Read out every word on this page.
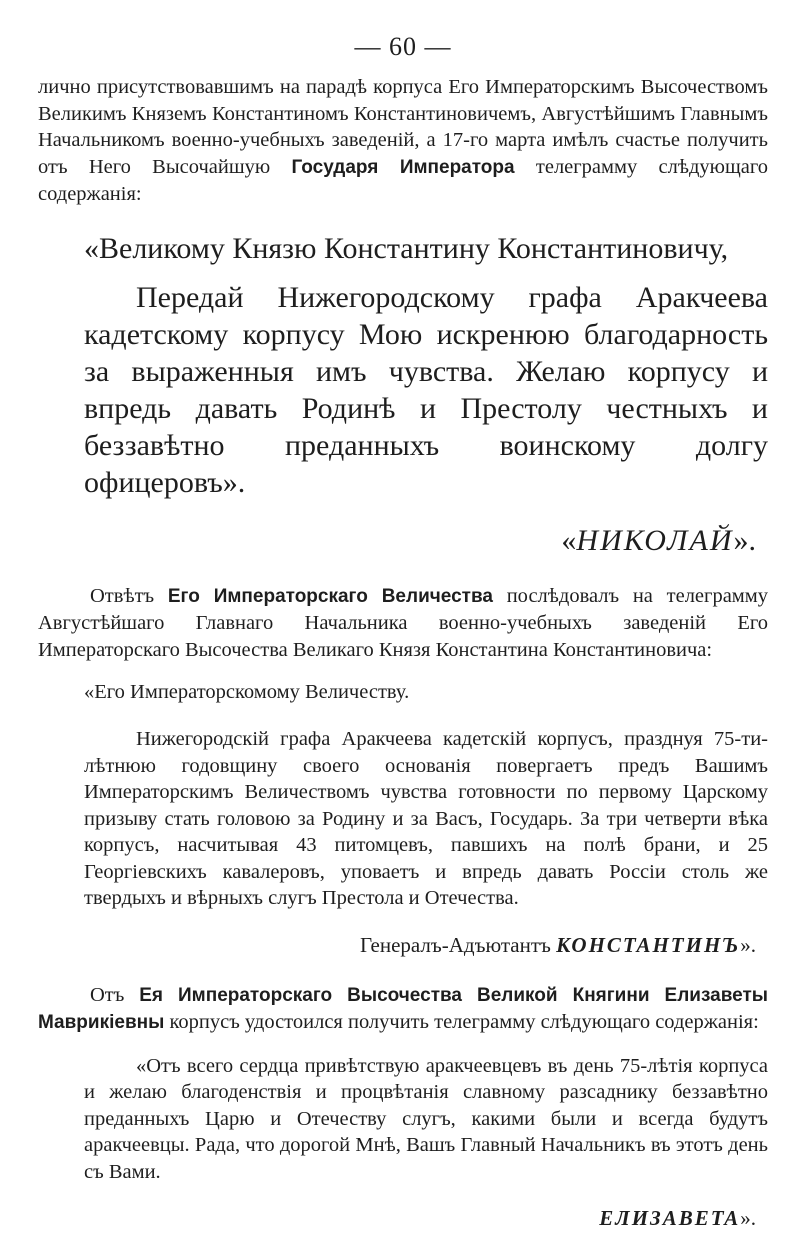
— 60 —

лично присутствовавшимъ на парадѣ корпуса Его Императорскимъ Высочествомъ Великимъ Княземъ Константиномъ Константиновичемъ, Августѣйшимъ Главнымъ Начальникомъ военно-учебныхъ заведенiй, а 17-го марта имѣлъ счастье получить отъ Него Высочайшую Государя Императора телеграмму слѣдующаго содержанiя:

«Великому Князю Константину Константиновичу,

Передай Нижегородскому графа Аракчеева кадетскому корпусу Мою искренюю благодарность за выраженныя имъ чувства. Желаю корпусу и впредь давать Родинѣ и Престолу честныхъ и беззавѣтно преданныхъ воинскому долгу офицеровъ».

«НИКОЛАЙ».

Отвѣтъ Его Императорскаго Величества послѣдовалъ на телеграмму Августѣйшаго Главнаго Начальника военно-учебныхъ заведенiй Его Императорскаго Высочества Великаго Князя Константина Константиновича:

«Его Императорскомому Величеству.

Нижегородскiй графа Аракчеева кадетскiй корпусъ, празднуя 75-ти-лѣтнюю годовщину своего основанiя повергаетъ предъ Вашимъ Императорскимъ Величествомъ чувства готовности по первому Царскому призыву стать головою за Родину и за Васъ, Государь. За три четверти вѣка корпусъ, насчитывая 43 питомцевъ, павшихъ на полѣ брани, и 25 Георгiевскихъ кавалеровъ, уповаетъ и впредь давать Россiи столь же твердыхъ и вѣрныхъ слугъ Престола и Отечества.

Генералъ-Адъютантъ КОНСТАНТИНЪ».

Отъ Ея Императорскаго Высочества Великой Княгини Елизаветы Маврикiевны корпусъ удостоился получить телеграмму слѣдующаго содержанiя:

«Отъ всего сердца привѣтствую аракчеевцевъ въ день 75-лѣтiя корпуса и желаю благоденствiя и процвѣтанiя славному разсаднику беззавѣтно преданныхъ Царю и Отечеству слугъ, какими были и всегда будутъ аракчеевцы. Рада, что дорогой Мнѣ, Вашъ Главный Начальникъ въ этотъ день съ Вами.

ЕЛИЗАВЕТА».
